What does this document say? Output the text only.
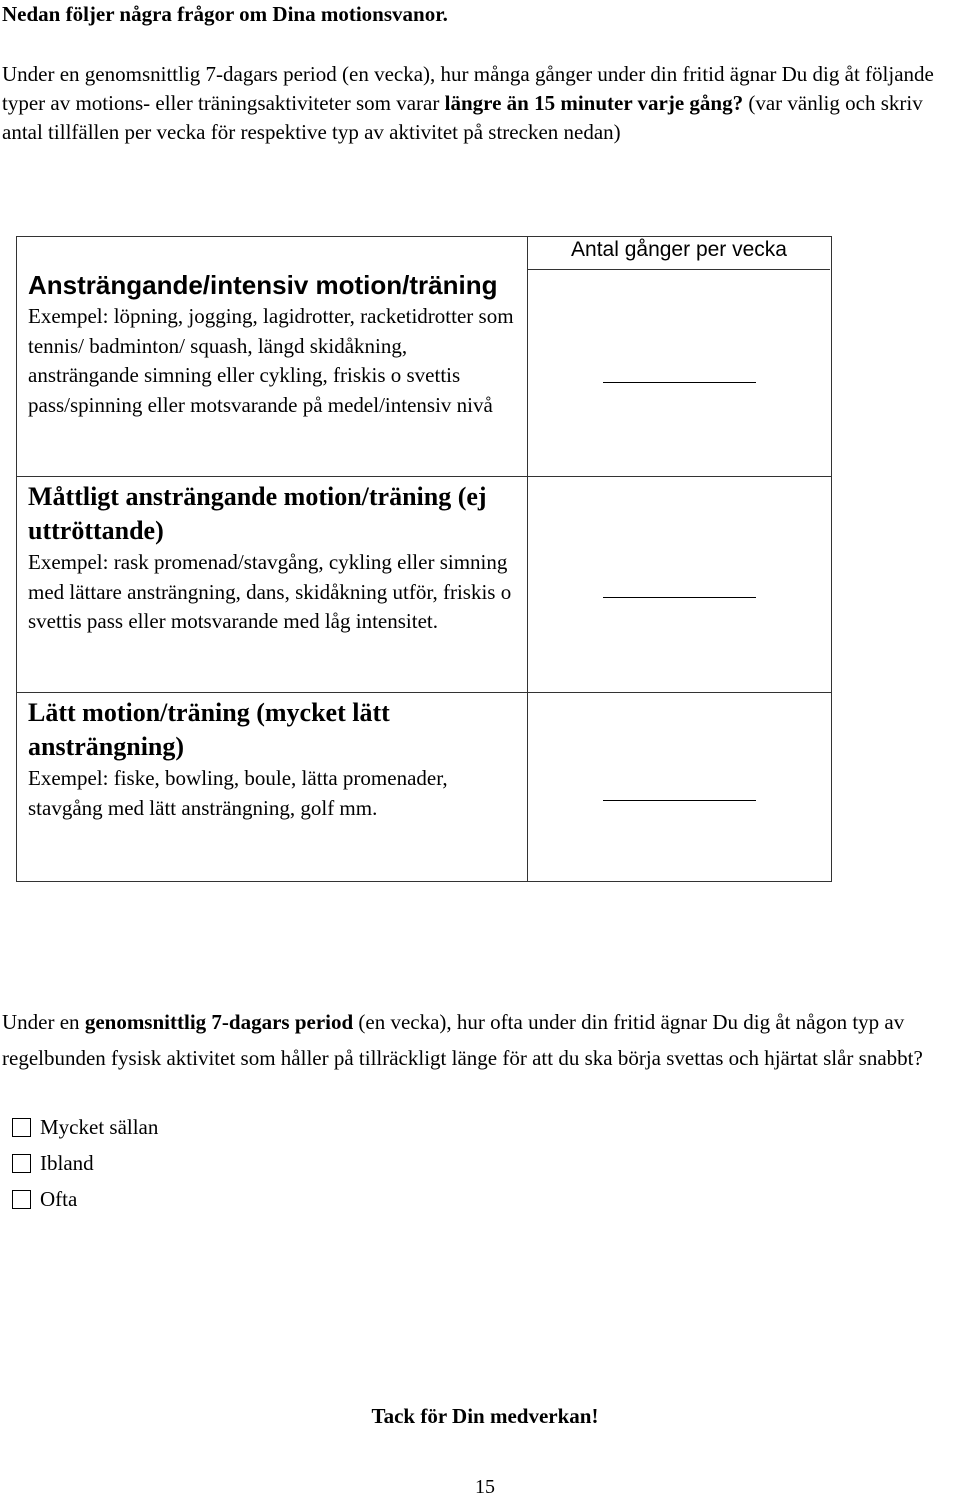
Nedan följer några frågor om Dina motionsvanor.
Under en genomsnittlig 7-dagars period (en vecka), hur många gånger under din fritid ägnar Du dig åt följande typer av motions- eller träningsaktiviteter som varar längre än 15 minuter varje gång? (var vänlig och skriv antal tillfällen per vecka för respektive typ av aktivitet på strecken nedan)
Antal gånger per vecka
Ansträngande/intensiv motion/träning
Exempel: löpning, jogging, lagidrotter, racketidrotter som tennis/ badminton/ squash, längd skidåkning, ansträngande simning eller cykling, friskis o svettis pass/spinning eller motsvarande på medel/intensiv nivå
Måttligt ansträngande motion/träning (ej uttröttande)
Exempel: rask promenad/stavgång, cykling eller simning med lättare ansträngning, dans, skidåkning utför, friskis o svettis pass eller motsvarande med låg intensitet.
Lätt motion/träning (mycket lätt ansträngning)
Exempel: fiske, bowling, boule, lätta promenader, stavgång med lätt ansträngning, golf mm.
Under en genomsnittlig 7-dagars period (en vecka), hur ofta under din fritid ägnar Du dig åt någon typ av regelbunden fysisk aktivitet som håller på tillräckligt länge för att du ska börja svettas och hjärtat slår snabbt?
Mycket sällan
Ibland
Ofta
Tack för Din medverkan!
15
